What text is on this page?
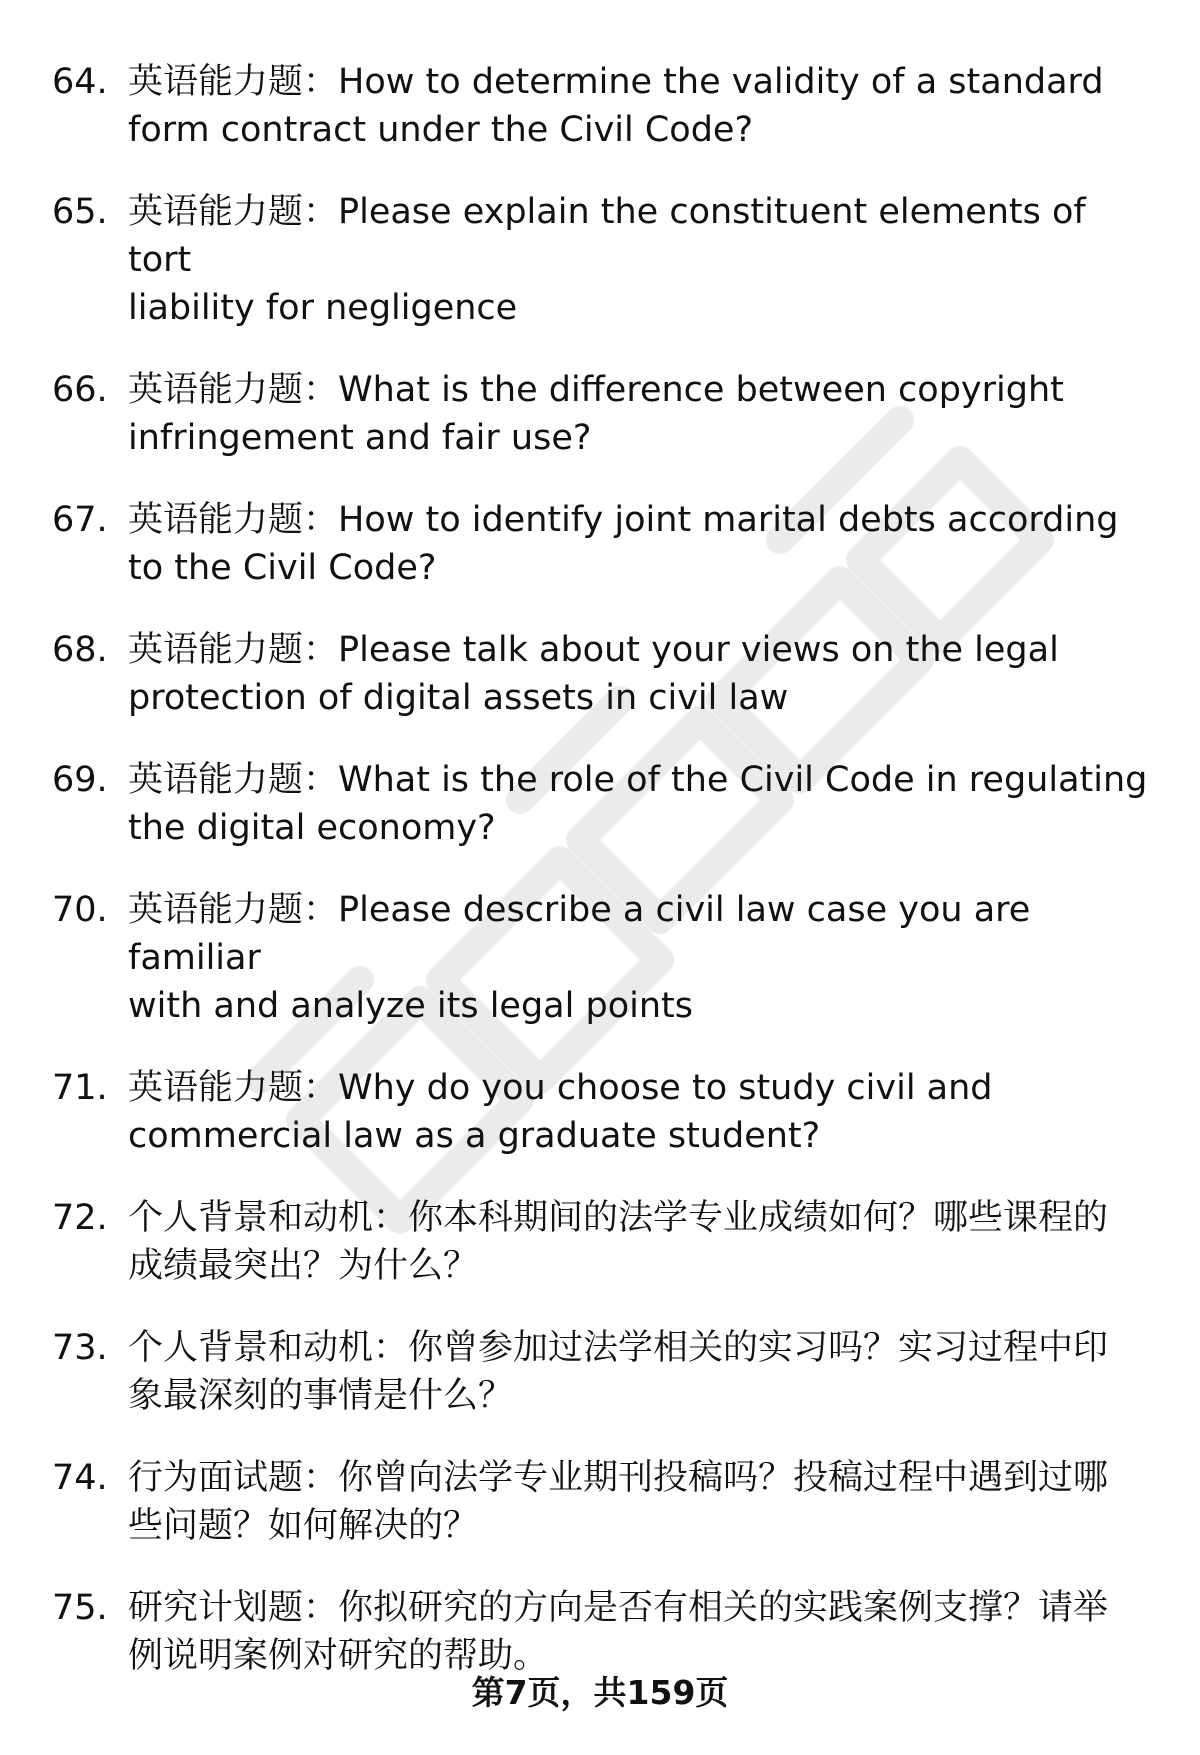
64. 英语能力题：How to determine the validity of a standard
form contract under the Civil Code?
65. 英语能力题：Please explain the constituent elements of tort
liability for negligence
66. 英语能力题：What is the difference between copyright
infringement and fair use?
67. 英语能力题：How to identify joint marital debts according
to the Civil Code?
68. 英语能力题：Please talk about your views on the legal
protection of digital assets in civil law
69. 英语能力题：What is the role of the Civil Code in regulating
the digital economy?
70. 英语能力题：Please describe a civil law case you are familiar
with and analyze its legal points
71. 英语能力题：Why do you choose to study civil and
commercial law as a graduate student?
72. 个人背景和动机：你本科期间的法学专业成绩如何？哪些课程的
成绩最突出？为什么？
73. 个人背景和动机：你曾参加过法学相关的实习吗？实习过程中印
象最深刻的事情是什么？
74. 行为面试题：你曾向法学专业期刊投稿吗？投稿过程中遇到过哪
些问题？如何解决的？
75. 研究计划题：你拟研究的方向是否有相关的实践案例支撑？请举
例说明案例对研究的帮助。
第7页，共159页
